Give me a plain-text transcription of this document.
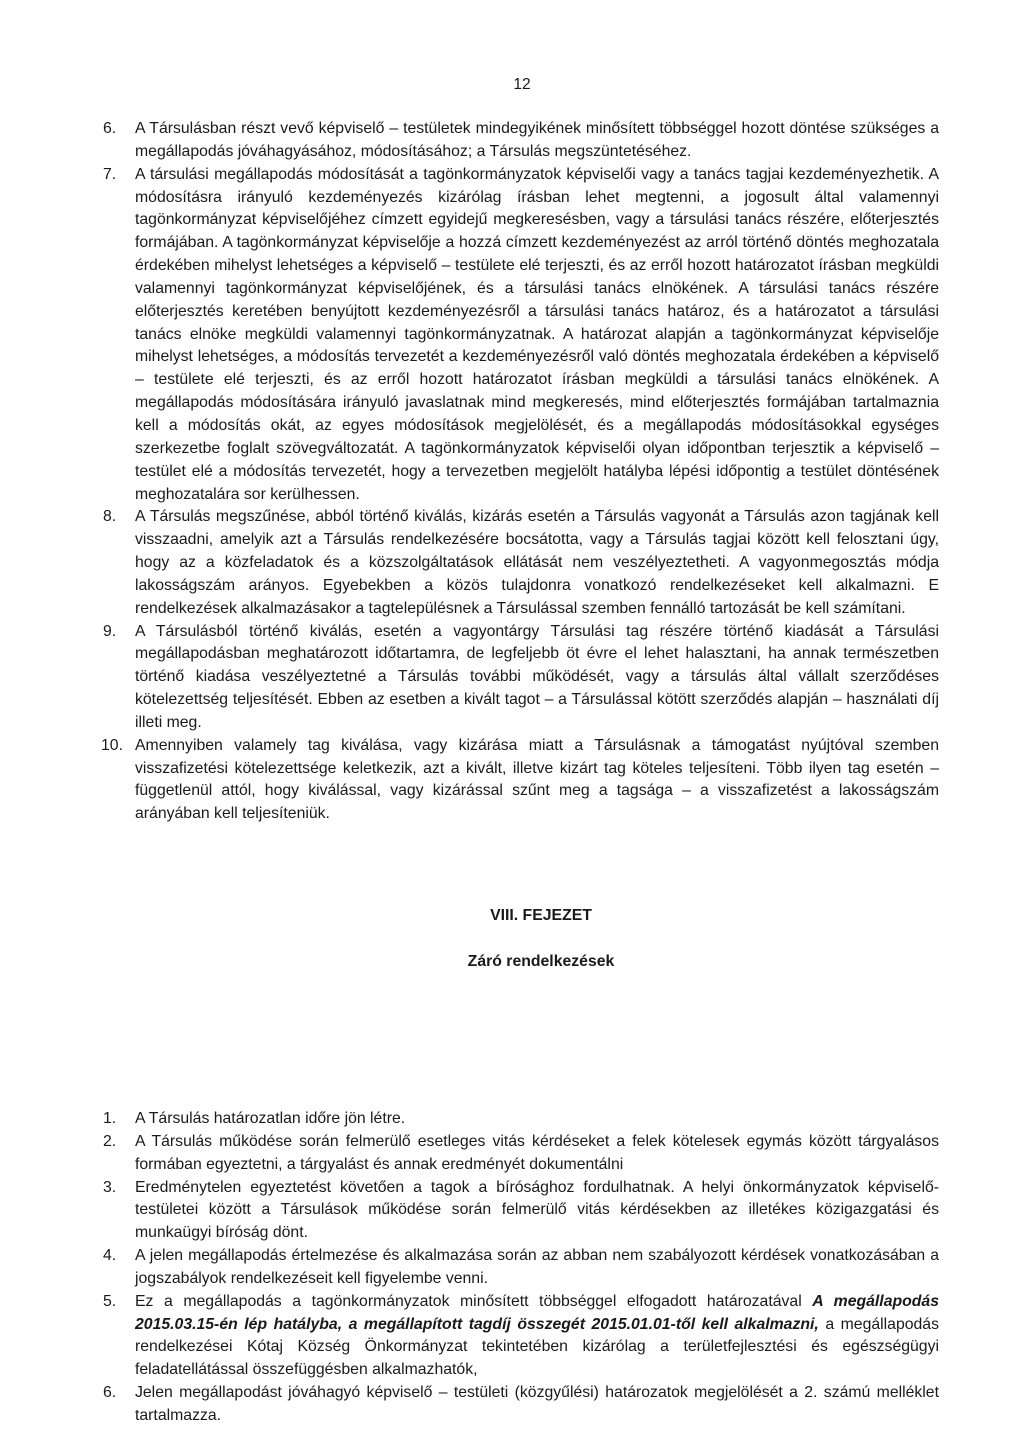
12
6. A Társulásban részt vevő képviselő – testületek mindegyikének minősített többséggel hozott döntése szükséges a megállapodás jóváhagyásához, módosításához; a Társulás megszüntetéséhez.
7. A társulási megállapodás módosítását a tagönkormányzatok képviselői vagy a tanács tagjai kezdeményezhetik. A módosításra irányuló kezdeményezés kizárólag írásban lehet megtenni, a jogosult által valamennyi tagönkormányzat képviselőjéhez címzett egyidejű megkeresésben, vagy a társulási tanács részére, előterjesztés formájában. A tagönkormányzat képviselője a hozzá címzett kezdeményezést az arról történő döntés meghozatala érdekében mihelyst lehetséges a képviselő – testülete elé terjeszti, és az erről hozott határozatot írásban megküldi valamennyi tagönkormányzat képviselőjének, és a társulási tanács elnökének. A társulási tanács részére előterjesztés keretében benyújtott kezdeményezésről a társulási tanács határoz, és a határozatot a társulási tanács elnöke megküldi valamennyi tagönkormányzatnak. A határozat alapján a tagönkormányzat képviselője mihelyst lehetséges, a módosítás tervezetét a kezdeményezésről való döntés meghozatala érdekében a képviselő – testülete elé terjeszti, és az erről hozott határozatot írásban megküldi a társulási tanács elnökének. A megállapodás módosítására irányuló javaslatnak mind megkeresés, mind előterjesztés formájában tartalmaznia kell a módosítás okát, az egyes módosítások megjelölését, és a megállapodás módosításokkal egységes szerkezetbe foglalt szövegváltozatát. A tagönkormányzatok képviselői olyan időpontban terjesztik a képviselő – testület elé a módosítás tervezetét, hogy a tervezetben megjelölt hatályba lépési időpontig a testület döntésének meghozatalára sor kerülhessen.
8. A Társulás megszűnése, abból történő kiválás, kizárás esetén a Társulás vagyonát a Társulás azon tagjának kell visszaadni, amelyik azt a Társulás rendelkezésére bocsátotta, vagy a Társulás tagjai között kell felosztani úgy, hogy az a közfeladatok és a közszolgáltatások ellátását nem veszélyeztetheti. A vagyonmegosztás módja lakosságszám arányos. Egyebekben a közös tulajdonra vonatkozó rendelkezéseket kell alkalmazni. E rendelkezések alkalmazásakor a tagtelepülésnek a Társulással szemben fennálló tartozását be kell számítani.
9. A Társulásból történő kiválás, esetén a vagyontárgy Társulási tag részére történő kiadását a Társulási megállapodásban meghatározott időtartamra, de legfeljebb öt évre el lehet halasztani, ha annak természetben történő kiadása veszélyeztetné a Társulás további működését, vagy a társulás által vállalt szerződéses kötelezettség teljesítését. Ebben az esetben a kivált tagot – a Társulással kötött szerződés alapján – használati díj illeti meg.
10. Amennyiben valamely tag kiválása, vagy kizárása miatt a Társulásnak a támogatást nyújtóval szemben visszafizetési kötelezettsége keletkezik, azt a kivált, illetve kizárt tag köteles teljesíteni. Több ilyen tag esetén – függetlenül attól, hogy kiválással, vagy kizárással szűnt meg a tagsága – a visszafizetést a lakosságszám arányában kell teljesíteniük.
VIII. FEJEZET
Záró rendelkezések
1. A Társulás határozatlan időre jön létre.
2. A Társulás működése során felmerülő esetleges vitás kérdéseket a felek kötelesek egymás között tárgyalásos formában egyeztetni, a tárgyalást és annak eredményét dokumentálni
3. Eredménytelen egyeztetést követően a tagok a bírósághoz fordulhatnak. A helyi önkormányzatok képviselő-testületei között a Társulások működése során felmerülő vitás kérdésekben az illetékes közigazgatási és munkaügyi bíróság dönt.
4. A jelen megállapodás értelmezése és alkalmazása során az abban nem szabályozott kérdések vonatkozásában a jogszabályok rendelkezéseit kell figyelembe venni.
5. Ez a megállapodás a tagönkormányzatok minősített többséggel elfogadott határozatával A megállapodás 2015.03.15-én lép hatályba, a megállapított tagdíj összegét 2015.01.01-től kell alkalmazni, a megállapodás rendelkezései Kótaj Község Önkormányzat tekintetében kizárólag a területfejlesztési és egészségügyi feladatellátással összefüggésben alkalmazhatók,
6. Jelen megállapodást jóváhagyó képviselő – testületi (közgyűlési) határozatok megjelölését a 2. számú melléklet tartalmazza.
